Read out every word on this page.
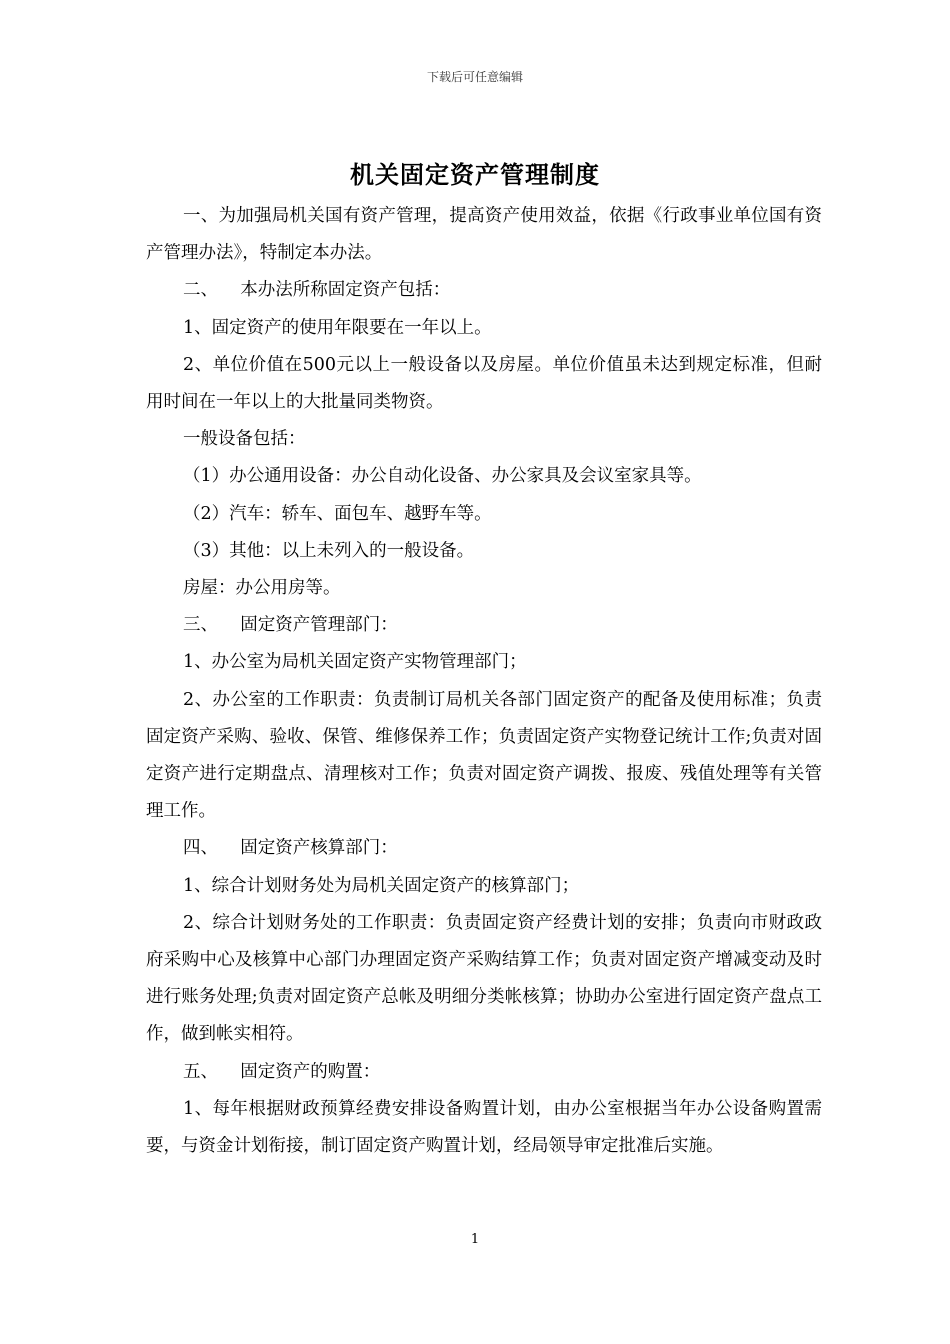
下载后可任意编辑
机关固定资产管理制度

一、为加强局机关国有资产管理，提高资产使用效益，依据《行政事业单位国有资产管理办法》，特制定本办法。

二、    本办法所称固定资产包括：

1、固定资产的使用年限要在一年以上。

2、单位价值在500元以上一般设备以及房屋。单位价值虽未达到规定标准，但耐用时间在一年以上的大批量同类物资。

一般设备包括：

（1）办公通用设备：办公自动化设备、办公家具及会议室家具等。

（2）汽车：轿车、面包车、越野车等。

（3）其他：以上未列入的一般设备。

房屋：办公用房等。

三、    固定资产管理部门：

1、办公室为局机关固定资产实物管理部门；

2、办公室的工作职责：负责制订局机关各部门固定资产的配备及使用标准；负责固定资产采购、验收、保管、维修保养工作；负责固定资产实物登记统计工作;负责对固定资产进行定期盘点、清理核对工作；负责对固定资产调拨、报废、残值处理等有关管理工作。

四、    固定资产核算部门：

1、综合计划财务处为局机关固定资产的核算部门；

2、综合计划财务处的工作职责：负责固定资产经费计划的安排；负责向市财政政府采购中心及核算中心部门办理固定资产采购结算工作；负责对固定资产增减变动及时进行账务处理;负责对固定资产总帐及明细分类帐核算；协助办公室进行固定资产盘点工作，做到帐实相符。

五、    固定资产的购置：

1、每年根据财政预算经费安排设备购置计划，由办公室根据当年办公设备购置需要，与资金计划衔接，制订固定资产购置计划，经局领导审定批准后实施。

1
